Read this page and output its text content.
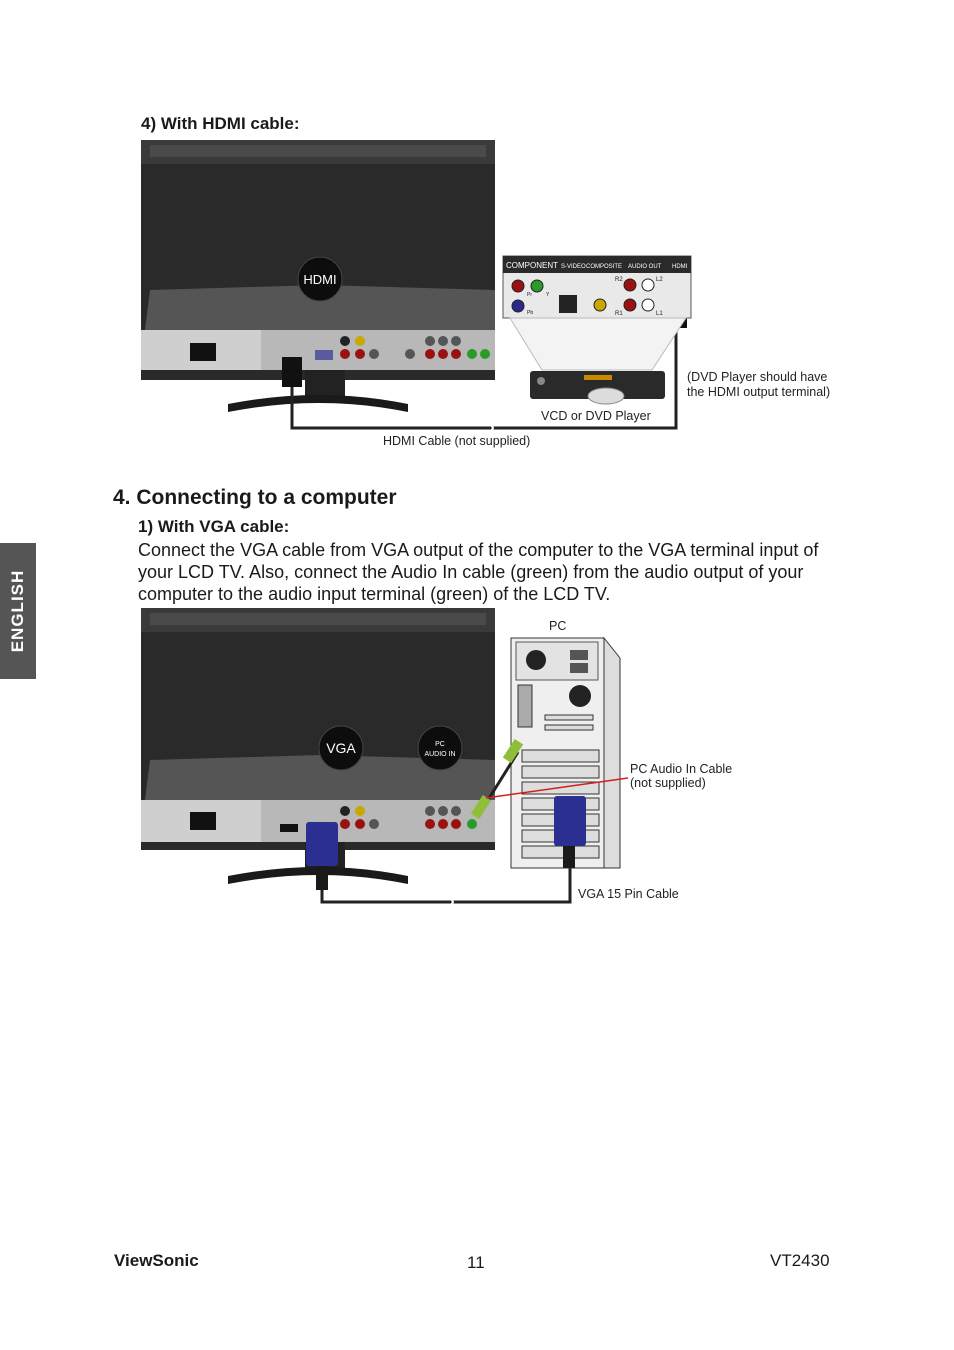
ENGLISH
4) With HDMI cable:
HDMI
COMPONENT S-VIDEO COMPOSITE AUDIO OUT HDMI
Pr	Y
Pb
R2	L2
R1	L1
VCD or DVD Player
(DVD Player should have
the HDMI output terminal)
HDMI Cable (not supplied)
4. Connecting to a computer
1) With VGA cable:
Connect the VGA cable from VGA output of the computer to the VGA terminal input of
your LCD TV. Also, connect the Audio In cable (green) from the audio output of your
computer to the audio input terminal (green) of the LCD TV.
VGA	PC
AUDIO IN
PC
PC Audio In Cable
(not supplied)
VGA 15 Pin Cable
ViewSonic	11	VT2430
